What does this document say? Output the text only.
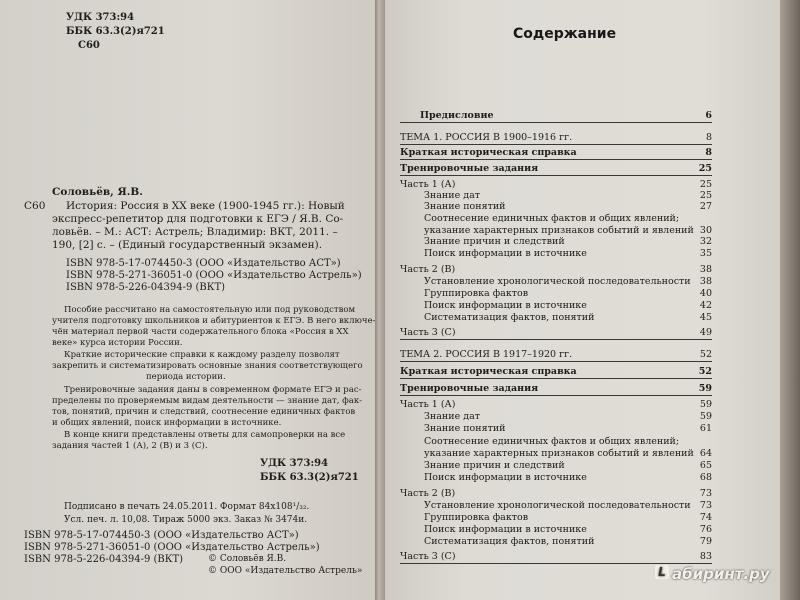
УДК 373:94
ББК 63.3(2)я721
С60
Соловьёв, Я.В.
С60 История: Россия в XX веке (1900-1945 гг.): Новый
экспресс-репетитор для подготовки к ЕГЭ / Я.В. Со-
ловьёв. – М.: АСТ: Астрель; Владимир: ВКТ, 2011. –
190, [2] с. – (Единый государственный экзамен).
ISBN 978-5-17-074450-3 (ООО «Издательство АСТ»)
ISBN 978-5-271-36051-0 (ООО «Издательство Астрель»)
ISBN 978-5-226-04394-9 (ВКТ)
Пособие рассчитано на самостоятельную или под руководством
учителя подготовку школьников и абитуриентов к ЕГЭ. В него включе-
чён материал первой части содержательного блока «Россия в XX
веке» курса истории России.
Краткие исторические справки к каждому разделу позволят
закрепить и систематизировать основные знания соответствующего
периода истории.
Тренировочные задания даны в современном формате ЕГЭ и рас-
пределены по проверяемым видам деятельности — знание дат, фак-
тов, понятий, причин и следствий, соотнесение единичных фактов
и общих явлений, поиск информации в источнике.
В конце книги представлены ответы для самопроверки на все
задания частей 1 (А), 2 (В) и 3 (С).
УДК 373:94
ББК 63.3(2)я721
Подписано в печать 24.05.2011. Формат 84х108¹/₃₂.
Усл. печ. л. 10,08. Тираж 5000 экз. Заказ № 3474и.
ISBN 978-5-17-074450-3 (ООО «Издательство АСТ»)
ISBN 978-5-271-36051-0 (ООО «Издательство Астрель»)
ISBN 978-5-226-04394-9 (ВКТ)	© Соловьёв Я.В.
© ООО «Издательство Астрель»
Содержание
Предисловие	6
ТЕМА 1. РОССИЯ В 1900–1916 гг.	8
Краткая историческая справка	8
Тренировочные задания	25
Часть 1 (А)	25
Знание дат	25
Знание понятий	27
Соотнесение единичных фактов и общих явлений;
указание характерных признаков событий и явлений 30
Знание причин и следствий	32
Поиск информации в источнике	35
Часть 2 (В)	38
Установление хронологической последовательности 38
Группировка фактов	40
Поиск информации в источнике	42
Систематизация фактов, понятий	45
Часть 3 (С)	49
ТЕМА 2. РОССИЯ В 1917–1920 гг.	52
Краткая историческая справка	52
Тренировочные задания	59
Часть 1 (А)	59
Знание дат	59
Знание понятий	61
Соотнесение единичных фактов и общих явлений;
указание характерных признаков событий и явлений 64
Знание причин и следствий	65
Поиск информации в источнике	68
Часть 2 (В)	73
Установление хронологической последовательности 73
Группировка фактов	74
Поиск информации в источнике	76
Систематизация фактов, понятий	79
Часть 3 (С)	83
L абиринт.ру
